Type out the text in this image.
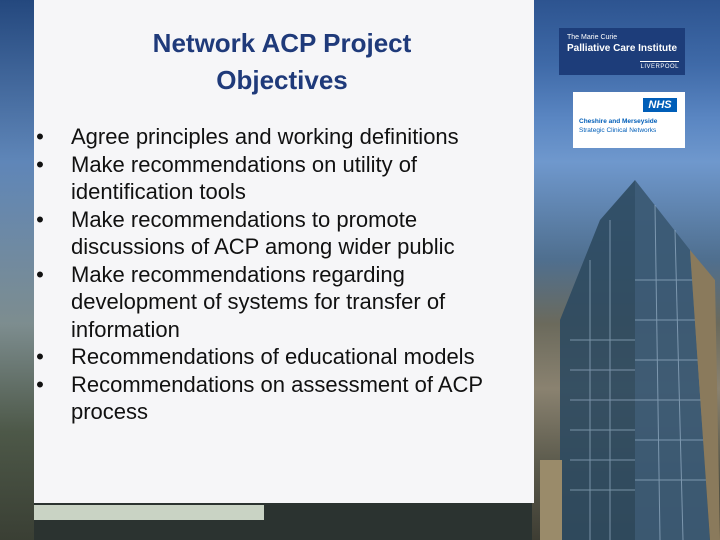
Network ACP Project
Objectives
• Agree principles and working definitions
• Make recommendations on utility of identification tools
• Make recommendations to promote discussions of ACP among wider public
• Make recommendations regarding development of systems for transfer of information
• Recommendations of educational models
• Recommendations on assessment of ACP process
The Marie Curie
Palliative Care Institute
LIVERPOOL
NHS
Cheshire and Merseyside
Strategic Clinical Networks
